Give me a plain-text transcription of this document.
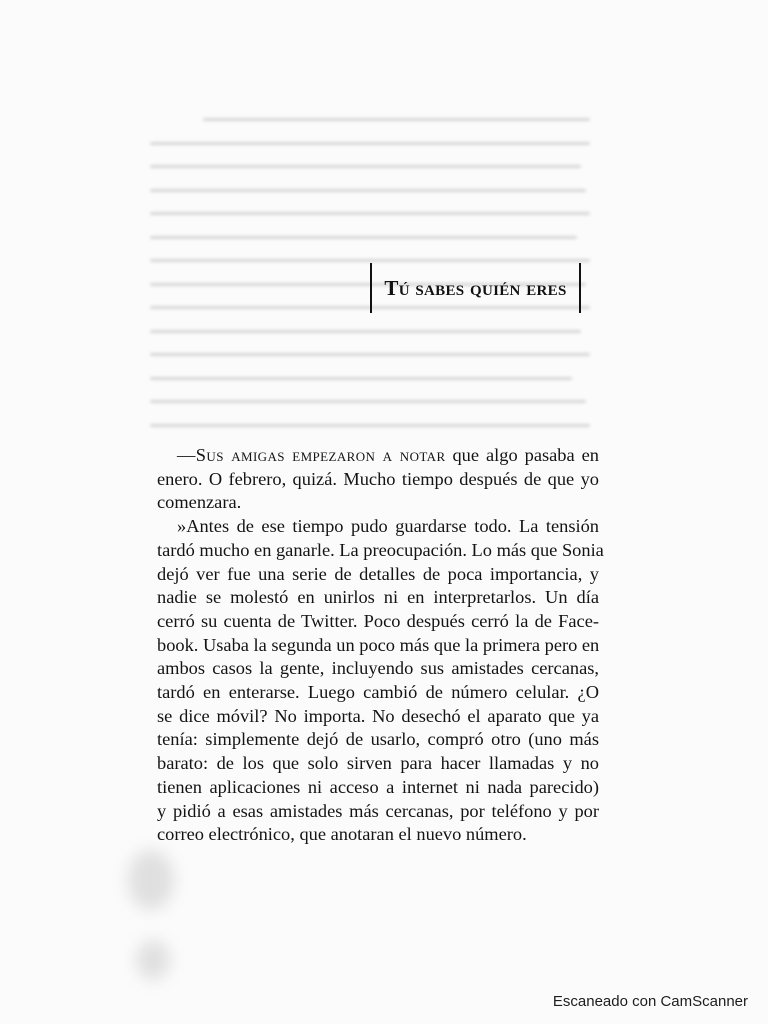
Tú sabes quién eres
—Sus amigas empezaron a notar que algo pasaba en
enero. O febrero, quizá. Mucho tiempo después de que yo
comenzara.
»Antes de ese tiempo pudo guardarse todo. La tensión
tardó mucho en ganarle. La preocupación. Lo más que Sonia
dejó ver fue una serie de detalles de poca importancia, y
nadie se molestó en unirlos ni en interpretarlos. Un día
cerró su cuenta de Twitter. Poco después cerró la de Face-
book. Usaba la segunda un poco más que la primera pero en
ambos casos la gente, incluyendo sus amistades cercanas,
tardó en enterarse. Luego cambió de número celular. ¿O
se dice móvil? No importa. No desechó el aparato que ya
tenía: simplemente dejó de usarlo, compró otro (uno más
barato: de los que solo sirven para hacer llamadas y no
tienen aplicaciones ni acceso a internet ni nada parecido)
y pidió a esas amistades más cercanas, por teléfono y por
correo electrónico, que anotaran el nuevo número.
Escaneado con CamScanner
